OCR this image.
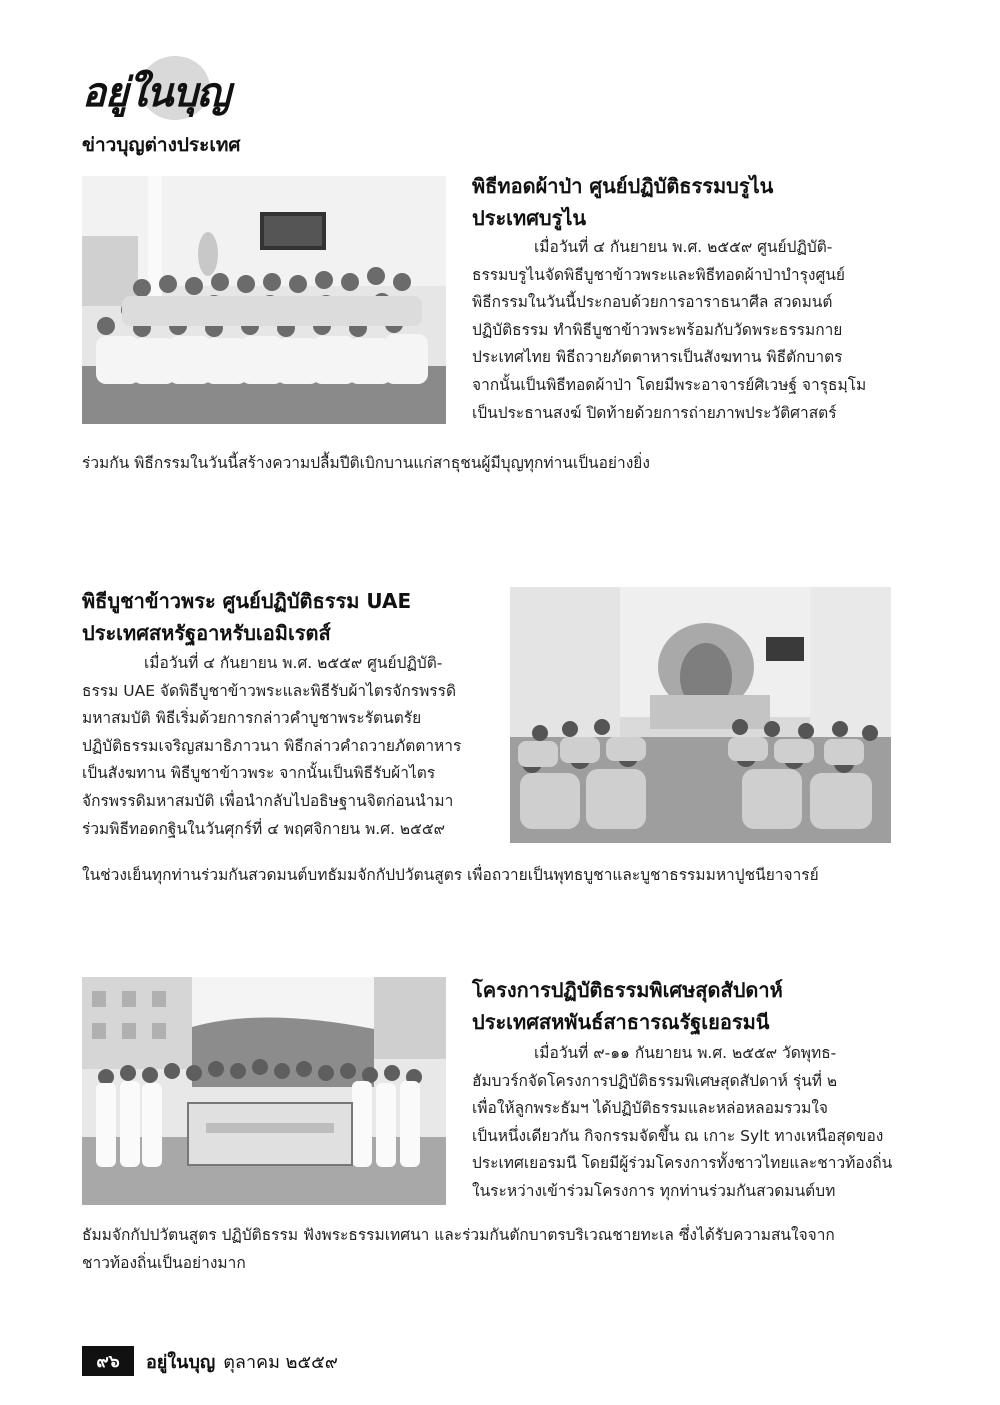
อยู่ในบุญ
ข่าวบุญต่างประเทศ
พิธีทอดผ้าป่า ศูนย์ปฏิบัติธรรมบรูไน
ประเทศบรูไน
เมื่อวันที่ ๔ กันยายน พ.ศ. ๒๕๕๙ ศูนย์ปฏิบัติ-
ธรรมบรูไนจัดพิธีบูชาข้าวพระและพิธีทอดผ้าป่าบำรุงศูนย์
พิธีกรรมในวันนี้ประกอบด้วยการอาราธนาศีล สวดมนต์
ปฏิบัติธรรม ทำพิธีบูชาข้าวพระพร้อมกับวัดพระธรรมกาย
ประเทศไทย พิธีถวายภัตตาหารเป็นสังฆทาน พิธีตักบาตร
จากนั้นเป็นพิธีทอดผ้าป่า โดยมีพระอาจารย์ศิเวษฐ์ จารุธมฺโม
เป็นประธานสงฆ์ ปิดท้ายด้วยการถ่ายภาพประวัติศาสตร์
ร่วมกัน พิธีกรรมในวันนี้สร้างความปลื้มปีติเบิกบานแก่สาธุชนผู้มีบุญทุกท่านเป็นอย่างยิ่ง
พิธีบูชาข้าวพระ ศูนย์ปฏิบัติธรรม UAE
ประเทศสหรัฐอาหรับเอมิเรตส์
เมื่อวันที่ ๔ กันยายน พ.ศ. ๒๕๕๙ ศูนย์ปฏิบัติ-
ธรรม UAE จัดพิธีบูชาข้าวพระและพิธีรับผ้าไตรจักรพรรดิ
มหาสมบัติ พิธีเริ่มด้วยการกล่าวคำบูชาพระรัตนตรัย
ปฏิบัติธรรมเจริญสมาธิภาวนา พิธีกล่าวคำถวายภัตตาหาร
เป็นสังฆทาน พิธีบูชาข้าวพระ จากนั้นเป็นพิธีรับผ้าไตร
จักรพรรดิมหาสมบัติ เพื่อนำกลับไปอธิษฐานจิตก่อนนำมา
ร่วมพิธีทอดกฐินในวันศุกร์ที่ ๔ พฤศจิกายน พ.ศ. ๒๕๕๙
ในช่วงเย็นทุกท่านร่วมกันสวดมนต์บทธัมมจักกัปปวัตนสูตร เพื่อถวายเป็นพุทธบูชาและบูชาธรรมมหาปูชนียาจารย์
โครงการปฏิบัติธรรมพิเศษสุดสัปดาห์
ประเทศสหพันธ์สาธารณรัฐเยอรมนี
เมื่อวันที่ ๙-๑๑ กันยายน พ.ศ. ๒๕๕๙ วัดพุทธ-
ฮัมบวร์กจัดโครงการปฏิบัติธรรมพิเศษสุดสัปดาห์ รุ่นที่ ๒
เพื่อให้ลูกพระธัมฯ ได้ปฏิบัติธรรมและหล่อหลอมรวมใจ
เป็นหนึ่งเดียวกัน กิจกรรมจัดขึ้น ณ เกาะ Sylt ทางเหนือสุดของ
ประเทศเยอรมนี โดยมีผู้ร่วมโครงการทั้งชาวไทยและชาวท้องถิ่น
ในระหว่างเข้าร่วมโครงการ ทุกท่านร่วมกันสวดมนต์บท
ธัมมจักกัปปวัตนสูตร ปฏิบัติธรรม ฟังพระธรรมเทศนา และร่วมกันตักบาตรบริเวณชายทะเล ซึ่งได้รับความสนใจจาก
ชาวท้องถิ่นเป็นอย่างมาก
๙๖	อยู่ในบุญ ตุลาคม ๒๕๕๙
